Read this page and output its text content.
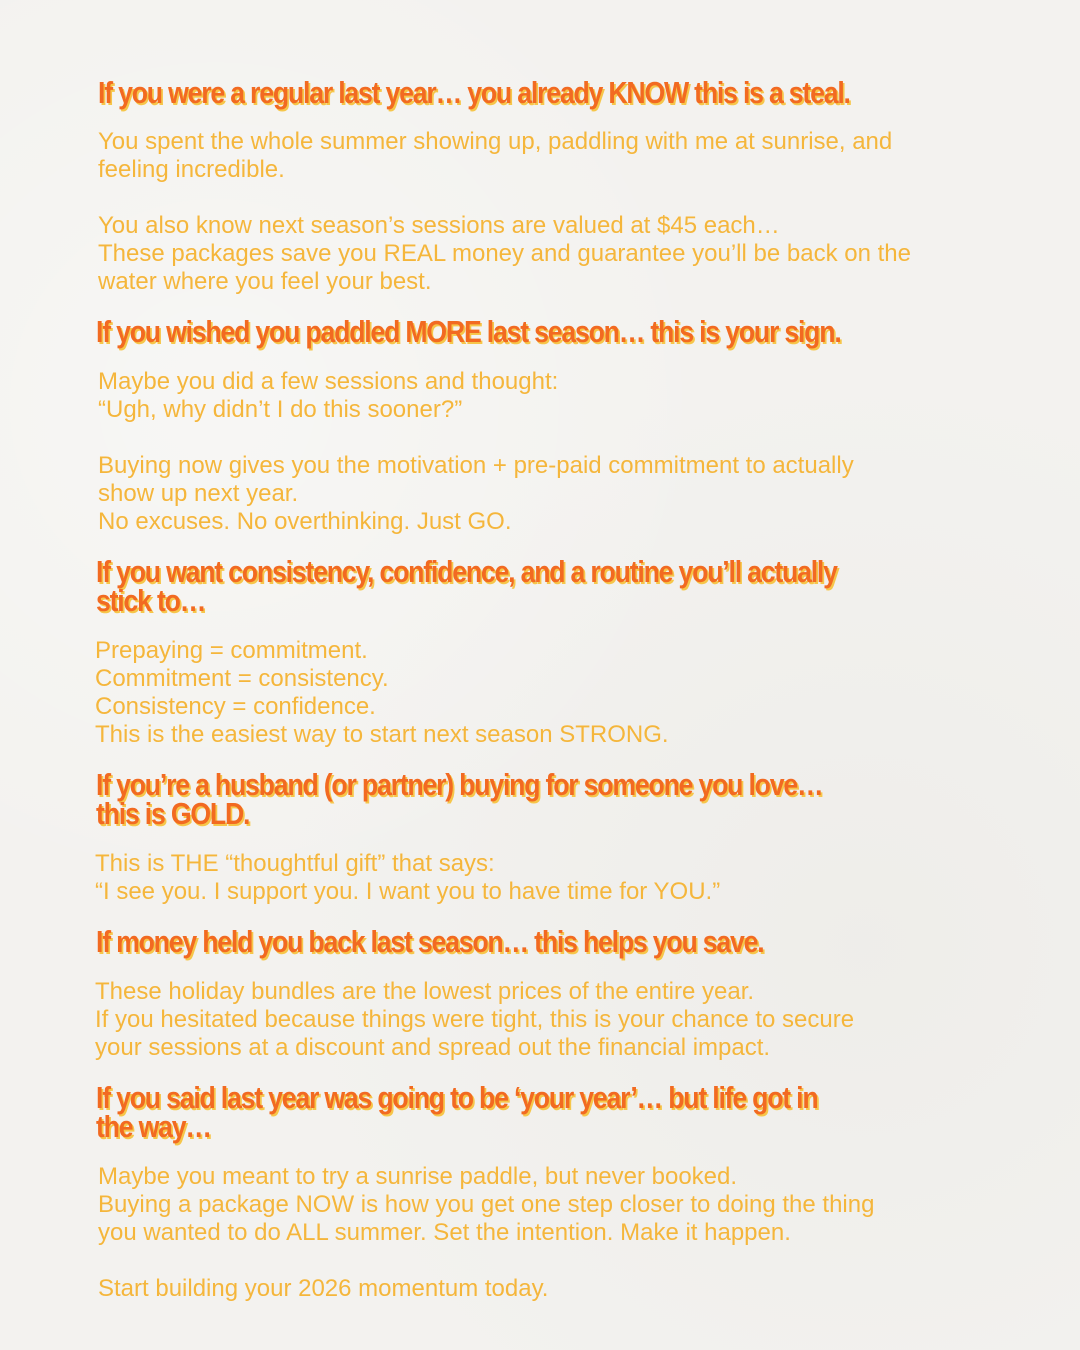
If you were a regular last year… you already KNOW this is a steal.

You spent the whole summer showing up, paddling with me at sunrise, and
feeling incredible.

You also know next season’s sessions are valued at $45 each…
These packages save you REAL money and guarantee you’ll be back on the
water where you feel your best.

If you wished you paddled MORE last season… this is your sign.

Maybe you did a few sessions and thought:
“Ugh, why didn’t I do this sooner?”

Buying now gives you the motivation + pre-paid commitment to actually
show up next year.
No excuses. No overthinking. Just GO.

If you want consistency, confidence, and a routine you’ll actually
stick to…

Prepaying = commitment.
Commitment = consistency.
Consistency = confidence.
This is the easiest way to start next season STRONG.

If you’re a husband (or partner) buying for someone you love…
this is GOLD.

This is THE “thoughtful gift” that says:
“I see you. I support you. I want you to have time for YOU.”

If money held you back last season… this helps you save.

These holiday bundles are the lowest prices of the entire year.
If you hesitated because things were tight, this is your chance to secure
your sessions at a discount and spread out the financial impact.

If you said last year was going to be ‘your year’… but life got in
the way…

Maybe you meant to try a sunrise paddle, but never booked.
Buying a package NOW is how you get one step closer to doing the thing
you wanted to do ALL summer. Set the intention. Make it happen.

Start building your 2026 momentum today.
